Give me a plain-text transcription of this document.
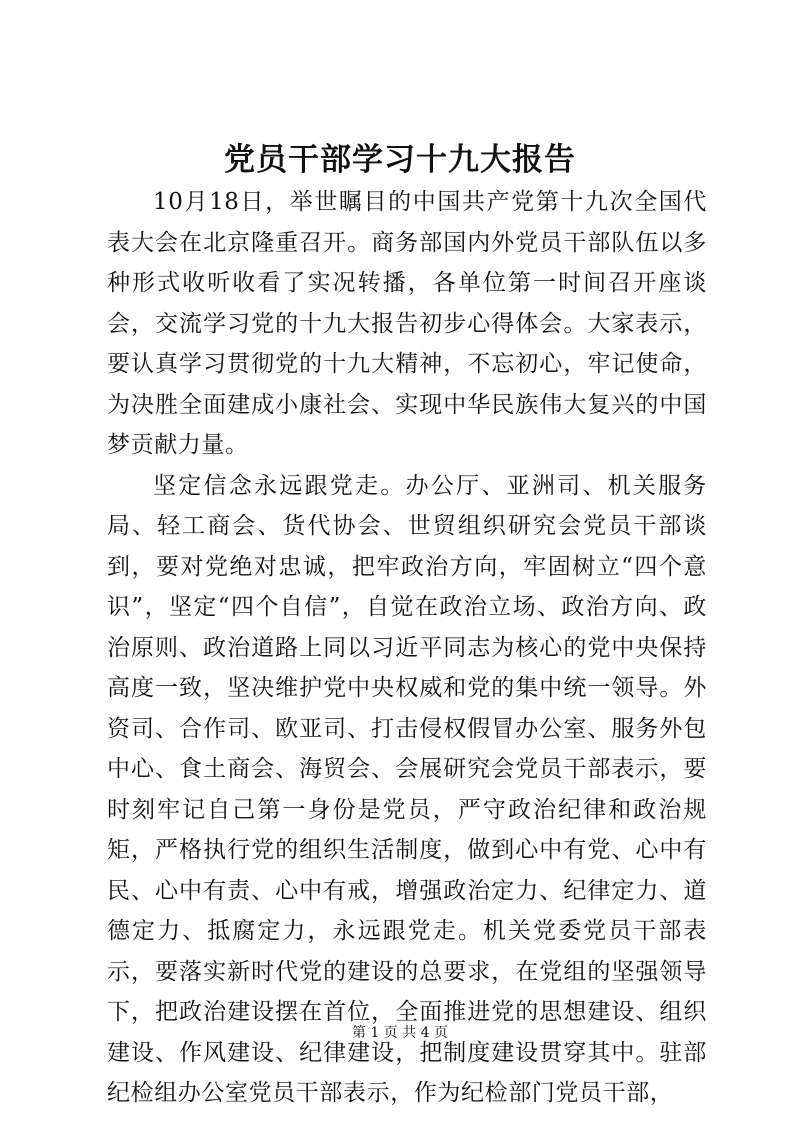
党员干部学习十九大报告

10月18日，举世瞩目的中国共产党第十九次全国代表大会在北京隆重召开。商务部国内外党员干部队伍以多种形式收听收看了实况转播，各单位第一时间召开座谈会，交流学习党的十九大报告初步心得体会。大家表示，要认真学习贯彻党的十九大精神，不忘初心，牢记使命，为决胜全面建成小康社会、实现中华民族伟大复兴的中国梦贡献力量。

坚定信念永远跟党走。办公厅、亚洲司、机关服务局、轻工商会、货代协会、世贸组织研究会党员干部谈到，要对党绝对忠诚，把牢政治方向，牢固树立“四个意识”，坚定“四个自信”，自觉在政治立场、政治方向、政治原则、政治道路上同以习近平同志为核心的党中央保持高度一致，坚决维护党中央权威和党的集中统一领导。外资司、合作司、欧亚司、打击侵权假冒办公室、服务外包中心、食土商会、海贸会、会展研究会党员干部表示，要时刻牢记自己第一身份是党员，严守政治纪律和政治规矩，严格执行党的组织生活制度，做到心中有党、心中有民、心中有责、心中有戒，增强政治定力、纪律定力、道德定力、抵腐定力，永远跟党走。机关党委党员干部表示，要落实新时代党的建设的总要求，在党组的坚强领导下，把政治建设摆在首位，全面推进党的思想建设、组织建设、作风建设、纪律建设，把制度建设贯穿其中。驻部纪检组办公室党员干部表示，作为纪检部门党员干部，

第 1 页 共 4 页
